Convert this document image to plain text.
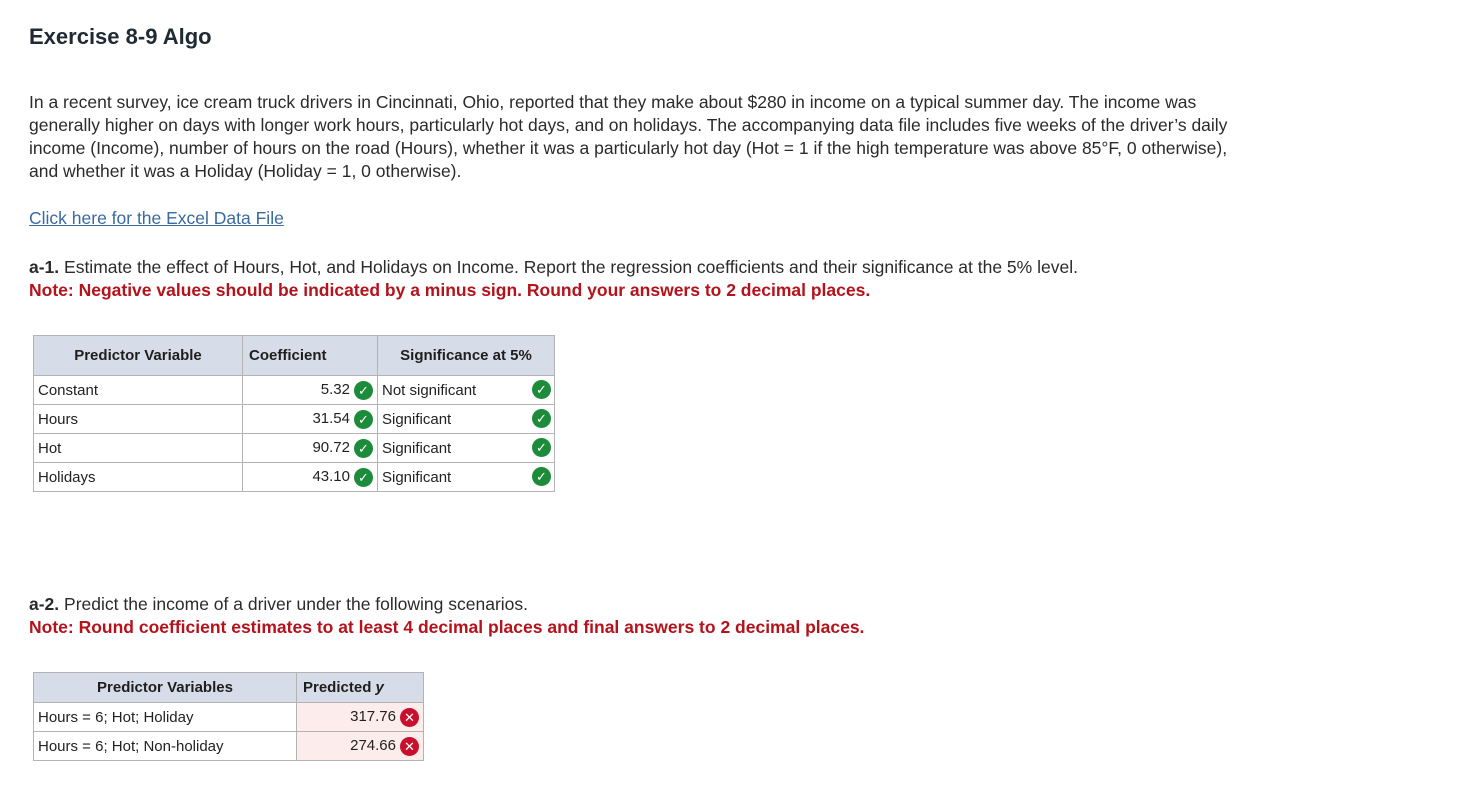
Exercise 8-9 Algo

In a recent survey, ice cream truck drivers in Cincinnati, Ohio, reported that they make about $280 in income on a typical summer day. The income was generally higher on days with longer work hours, particularly hot days, and on holidays. The accompanying data file includes five weeks of the driver’s daily income (Income), number of hours on the road (Hours), whether it was a particularly hot day (Hot = 1 if the high temperature was above 85°F, 0 otherwise), and whether it was a Holiday (Holiday = 1, 0 otherwise).

Click here for the Excel Data File
a-1. Estimate the effect of Hours, Hot, and Holidays on Income. Report the regression coefficients and their significance at the 5% level.
Note: Negative values should be indicated by a minus sign. Round your answers to 2 decimal places.
Predictor Variable	Coefficient	Significance at 5%
Constant	5.32 ✓	Not significant ✓

Hours	31.54 ✓	Significant ✓

Hot	90.72 ✓	Significant ✓

Holidays	43.10 ✓	Significant ✓
a-2. Predict the income of a driver under the following scenarios.
Note: Round coefficient estimates to at least 4 decimal places and final answers to 2 decimal places.
Predictor Variables	Predicted y
Hours = 6; Hot; Holiday	317.76 ✕
Hours = 6; Hot; Non-holiday	274.66 ✕
